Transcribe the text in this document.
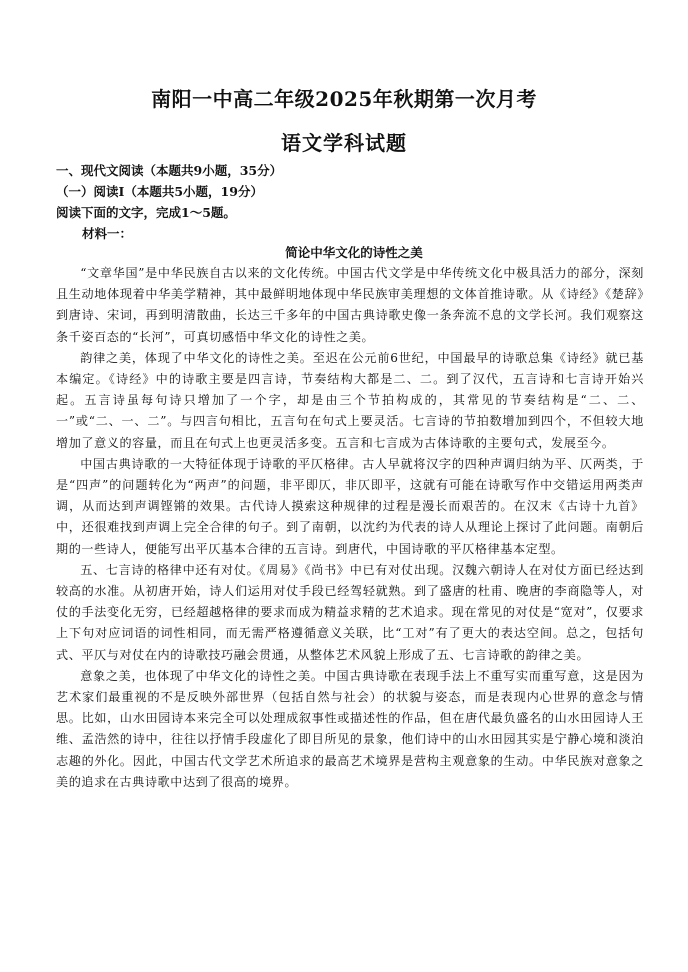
南阳一中高二年级2025年秋期第一次月考
语文学科试题
一、现代文阅读（本题共9小题，35分）
（一）阅读Ⅰ（本题共5小题，19分）
阅读下面的文字，完成1～5题。
材料一：
简论中华文化的诗性之美

“文章华国”是中华民族自古以来的文化传统。中国古代文学是中华传统文化中极具活力的部分，深刻且生动地体现着中华美学精神，其中最鲜明地体现中华民族审美理想的文体首推诗歌。从《诗经》《楚辞》到唐诗、宋词，再到明清散曲，长达三千多年的中国古典诗歌史像一条奔流不息的文学长河。我们观察这条千姿百态的“长河”，可真切感悟中华文化的诗性之美。

韵律之美，体现了中华文化的诗性之美。至迟在公元前6世纪，中国最早的诗歌总集《诗经》就已基本编定。《诗经》中的诗歌主要是四言诗，节奏结构大都是二、二。到了汉代，五言诗和七言诗开始兴起。五言诗虽每句诗只增加了一个字，却是由三个节拍构成的，其常见的节奏结构是“二、二、一”或“二、一、二”。与四言句相比，五言句在句式上要灵活。七言诗的节拍数增加到四个，不但较大地增加了意义的容量，而且在句式上也更灵活多变。五言和七言成为古体诗歌的主要句式，发展至今。

中国古典诗歌的一大特征体现于诗歌的平仄格律。古人早就将汉字的四种声调归纳为平、仄两类，于是“四声”的问题转化为“两声”的问题，非平即仄，非仄即平，这就有可能在诗歌写作中交错运用两类声调，从而达到声调铿锵的效果。古代诗人摸索这种规律的过程是漫长而艰苦的。在汉末《古诗十九首》中，还很难找到声调上完全合律的句子。到了南朝，以沈约为代表的诗人从理论上探讨了此问题。南朝后期的一些诗人，便能写出平仄基本合律的五言诗。到唐代，中国诗歌的平仄格律基本定型。

五、七言诗的格律中还有对仗。《周易》《尚书》中已有对仗出现。汉魏六朝诗人在对仗方面已经达到较高的水准。从初唐开始，诗人们运用对仗手段已经驾轻就熟。到了盛唐的杜甫、晚唐的李商隐等人，对仗的手法变化无穷，已经超越格律的要求而成为精益求精的艺术追求。现在常见的对仗是“宽对”，仅要求上下句对应词语的词性相同，而无需严格遵循意义关联，比“工对”有了更大的表达空间。总之，包括句式、平仄与对仗在内的诗歌技巧融会贯通，从整体艺术风貌上形成了五、七言诗歌的韵律之美。

意象之美，也体现了中华文化的诗性之美。中国古典诗歌在表现手法上不重写实而重写意，这是因为艺术家们最重视的不是反映外部世界（包括自然与社会）的状貌与姿态，而是表现内心世界的意念与情思。比如，山水田园诗本来完全可以处理成叙事性或描述性的作品，但在唐代最负盛名的山水田园诗人王维、孟浩然的诗中，往往以抒情手段虚化了即目所见的景象，他们诗中的山水田园其实是宁静心境和淡泊志趣的外化。因此，中国古代文学艺术所追求的最高艺术境界是营构主观意象的生动。中华民族对意象之美的追求在古典诗歌中达到了很高的境界。
